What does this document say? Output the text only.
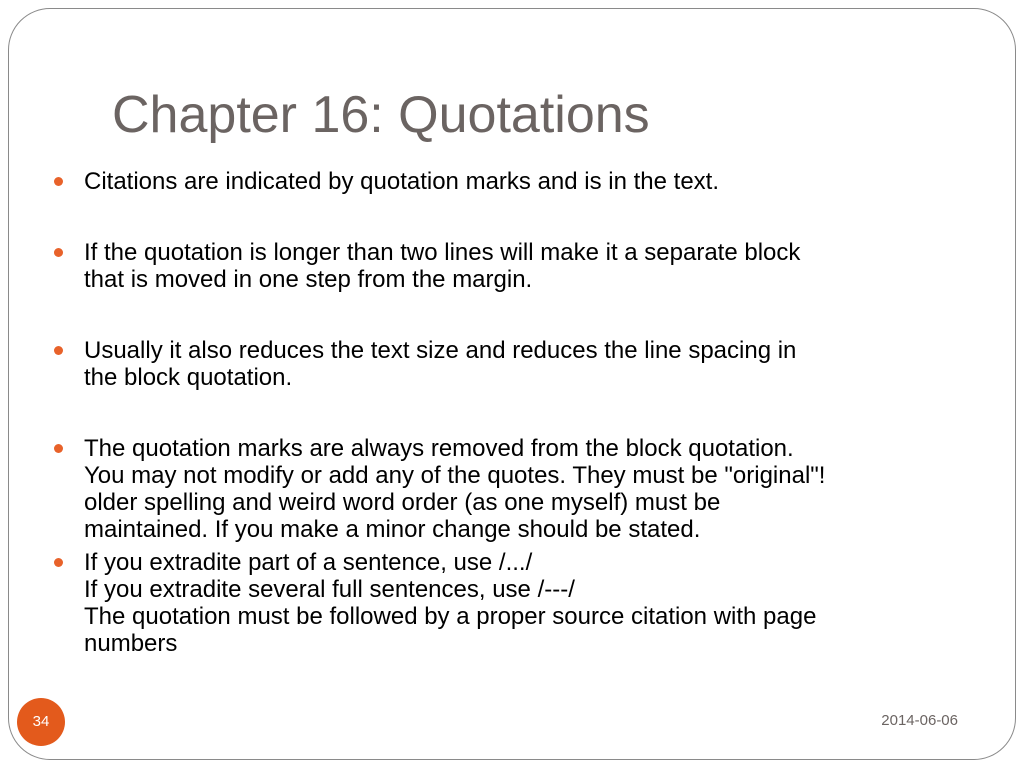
Chapter 16: Quotations
Citations are indicated by quotation marks and is in the text.
If the quotation is longer than two lines will make it a separate block
that is moved in one step from the margin.
Usually it also reduces the text size and reduces the line spacing in
the block quotation.
The quotation marks are always removed from the block quotation.
You may not modify or add any of the quotes. They must be "original"!
older spelling and weird word order (as one myself) must be
maintained. If you make a minor change should be stated.
If you extradite part of a sentence, use /.../
If you extradite several full sentences, use /---/
The quotation must be followed by a proper source citation with page
numbers
34	2014-06-06
